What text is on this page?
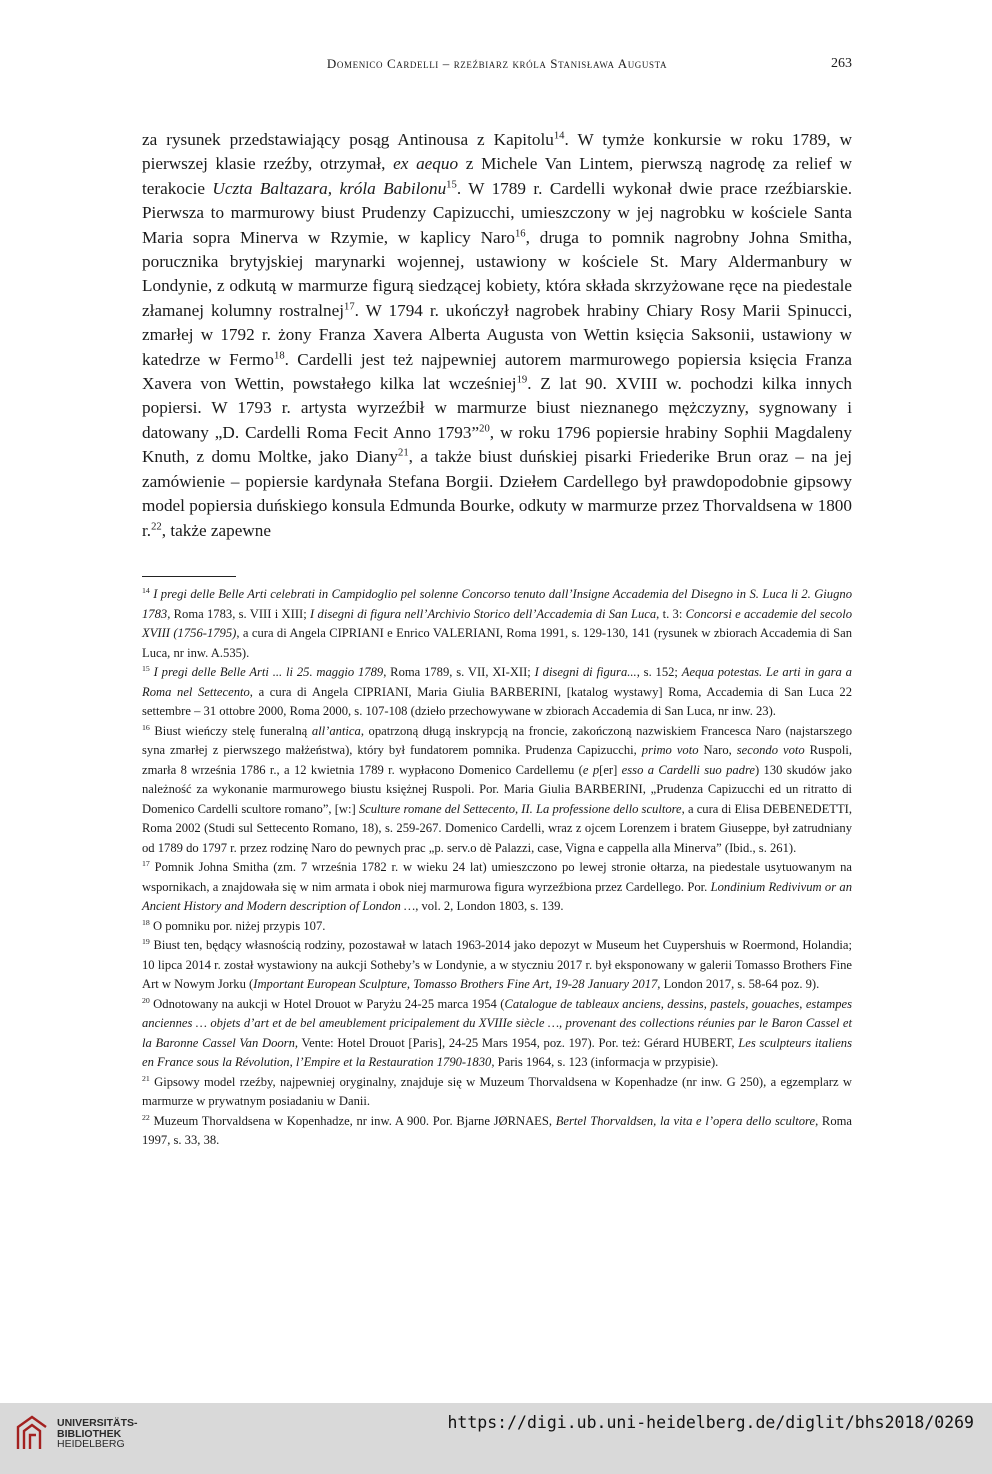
Domenico Cardelli – rzeźbiarz króla Stanisława Augusta	263

za rysunek przedstawiający posąg Antinousa z Kapitolu$^{14}$. W tymże konkursie w roku 1789, w pierwszej klasie rzeźby, otrzymał, ex aequo z Michele Van Lintem, pierwszą nagrodę za relief w terakocie Uczta Baltazara, króla Babilonu$^{15}$. W 1789 r. Cardelli wykonał dwie prace rzeźbiarskie. Pierwsza to marmurowy biust Prudenzy Capizucchi, umieszczony w jej nagrobku w kościele Santa Maria sopra Minerva w Rzymie, w kaplicy Naro$^{16}$, druga to pomnik nagrobny Johna Smitha, porucznika brytyjskiej marynarki wojennej, ustawiony w kościele St. Mary Aldermanbury w Londynie, z odkutą w marmurze figurą siedzącej kobiety, która składa skrzyżowane ręce na piedestale złamanej kolumny rostralnej$^{17}$. W 1794 r. ukończył nagrobek hrabiny Chiary Rosy Marii Spinucci, zmarłej w 1792 r. żony Franza Xavera Alberta Augusta von Wettin księcia Saksonii, ustawiony w katedrze w Fermo$^{18}$. Cardelli jest też najpewniej autorem marmurowego popiersia księcia Franza Xavera von Wettin, powstałego kilka lat wcześniej$^{19}$. Z lat 90. XVIII w. pochodzi kilka innych popiersi. W 1793 r. artysta wyrzeźbił w marmurze biust nieznanego mężczyzny, sygnowany i datowany „D. Cardelli Roma Fecit Anno 1793”$^{20}$, w roku 1796 popiersie hrabiny Sophii Magdaleny Knuth, z domu Moltke, jako Diany$^{21}$, a także biust duńskiej pisarki Friederike Brun oraz – na jej zamówienie – popiersie kardynała Stefana Borgii. Dziełem Cardellego był prawdopodobnie gipsowy model popiersia duńskiego konsula Edmunda Bourke, odkuty w marmurze przez Thorvaldsena w 1800 r.$^{22}$, także zapewne

$^{14}$ I pregi delle Belle Arti celebrati in Campidoglio pel solenne Concorso tenuto dall’Insigne Accademia del Disegno in S. Luca li 2. Giugno 1783, Roma 1783, s. VIII i XIII; I disegni di figura nell’Archivio Storico dell’Accademia di San Luca, t. 3: Concorsi e accademie del secolo XVIII (1756-1795), a cura di Angela CIPRIANI e Enrico VALERIANI, Roma 1991, s. 129-130, 141 (rysunek w zbiorach Accademia di San Luca, nr inw. A.535).

$^{15}$ I pregi delle Belle Arti ... li 25. maggio 1789, Roma 1789, s. VII, XI-XII; I disegni di figura..., s. 152; Aequa potestas. Le arti in gara a Roma nel Settecento, a cura di Angela CIPRIANI, Maria Giulia BARBERINI, [katalog wystawy] Roma, Accademia di San Luca 22 settembre – 31 ottobre 2000, Roma 2000, s. 107-108 (dzieło przechowywane w zbiorach Accademia di San Luca, nr inw. 23).

$^{16}$ Biust wieńczy stelę funeralną all’antica, opatrzoną długą inskrypcją na froncie, zakończoną nazwiskiem Francesca Naro (najstarszego syna zmarłej z pierwszego małżeństwa), który był fundatorem pomnika. Prudenza Capizucchi, primo voto Naro, secondo voto Ruspoli, zmarła 8 września 1786 r., a 12 kwietnia 1789 r. wypłacono Domenico Cardellemu (e p[er] esso a Cardelli suo padre) 130 skudów jako należność za wykonanie marmurowego biustu księżnej Ruspoli. Por. Maria Giulia BARBERINI, „Prudenza Capizucchi ed un ritratto di Domenico Cardelli scultore romano”, [w:] Sculture romane del Settecento, II. La professione dello scultore, a cura di Elisa DEBENEDETTI, Roma 2002 (Studi sul Settecento Romano, 18), s. 259-267. Domenico Cardelli, wraz z ojcem Lorenzem i bratem Giuseppe, był zatrudniany od 1789 do 1797 r. przez rodzinę Naro do pewnych prac „p. serv.o dè Palazzi, case, Vigna e cappella alla Minerva” (Ibid., s. 261).

$^{17}$ Pomnik Johna Smitha (zm. 7 września 1782 r. w wieku 24 lat) umieszczono po lewej stronie ołtarza, na piedestale usytuowanym na wspornikach, a znajdowała się w nim armata i obok niej marmurowa figura wyrzeźbiona przez Cardellego. Por. Londinium Redivivum or an Ancient History and Modern description of London …, vol. 2, London 1803, s. 139.

$^{18}$ O pomniku por. niżej przypis 107.

$^{19}$ Biust ten, będący własnością rodziny, pozostawał w latach 1963-2014 jako depozyt w Museum het Cuypershuis w Roermond, Holandia; 10 lipca 2014 r. został wystawiony na aukcji Sotheby’s w Londynie, a w styczniu 2017 r. był eksponowany w galerii Tomasso Brothers Fine Art w Nowym Jorku (Important European Sculpture, Tomasso Brothers Fine Art, 19-28 January 2017, London 2017, s. 58-64 poz. 9).

$^{20}$ Odnotowany na aukcji w Hotel Drouot w Paryżu 24-25 marca 1954 (Catalogue de tableaux anciens, dessins, pastels, gouaches, estampes anciennes … objets d’art et de bel ameublement pricipalement du XVIIIe siècle …, provenant des collections réunies par le Baron Cassel et la Baronne Cassel Van Doorn, Vente: Hotel Drouot [Paris], 24-25 Mars 1954, poz. 197). Por. też: Gérard HUBERT, Les sculpteurs italiens en France sous la Révolution, l’Empire et la Restauration 1790-1830, Paris 1964, s. 123 (informacja w przypisie).

$^{21}$ Gipsowy model rzeźby, najpewniej oryginalny, znajduje się w Muzeum Thorvaldsena w Kopenhadze (nr inw. G 250), a egzemplarz w marmurze w prywatnym posiadaniu w Danii.

$^{22}$ Muzeum Thorvaldsena w Kopenhadze, nr inw. A 900. Por. Bjarne JØRNAES, Bertel Thorvaldsen, la vita e l’opera dello scultore, Roma 1997, s. 33, 38.

UNIVERSITÄTS-
BIBLIOTHEK
HEIDELBERG
https://digi.ub.uni-heidelberg.de/diglit/bhs2018/0269
